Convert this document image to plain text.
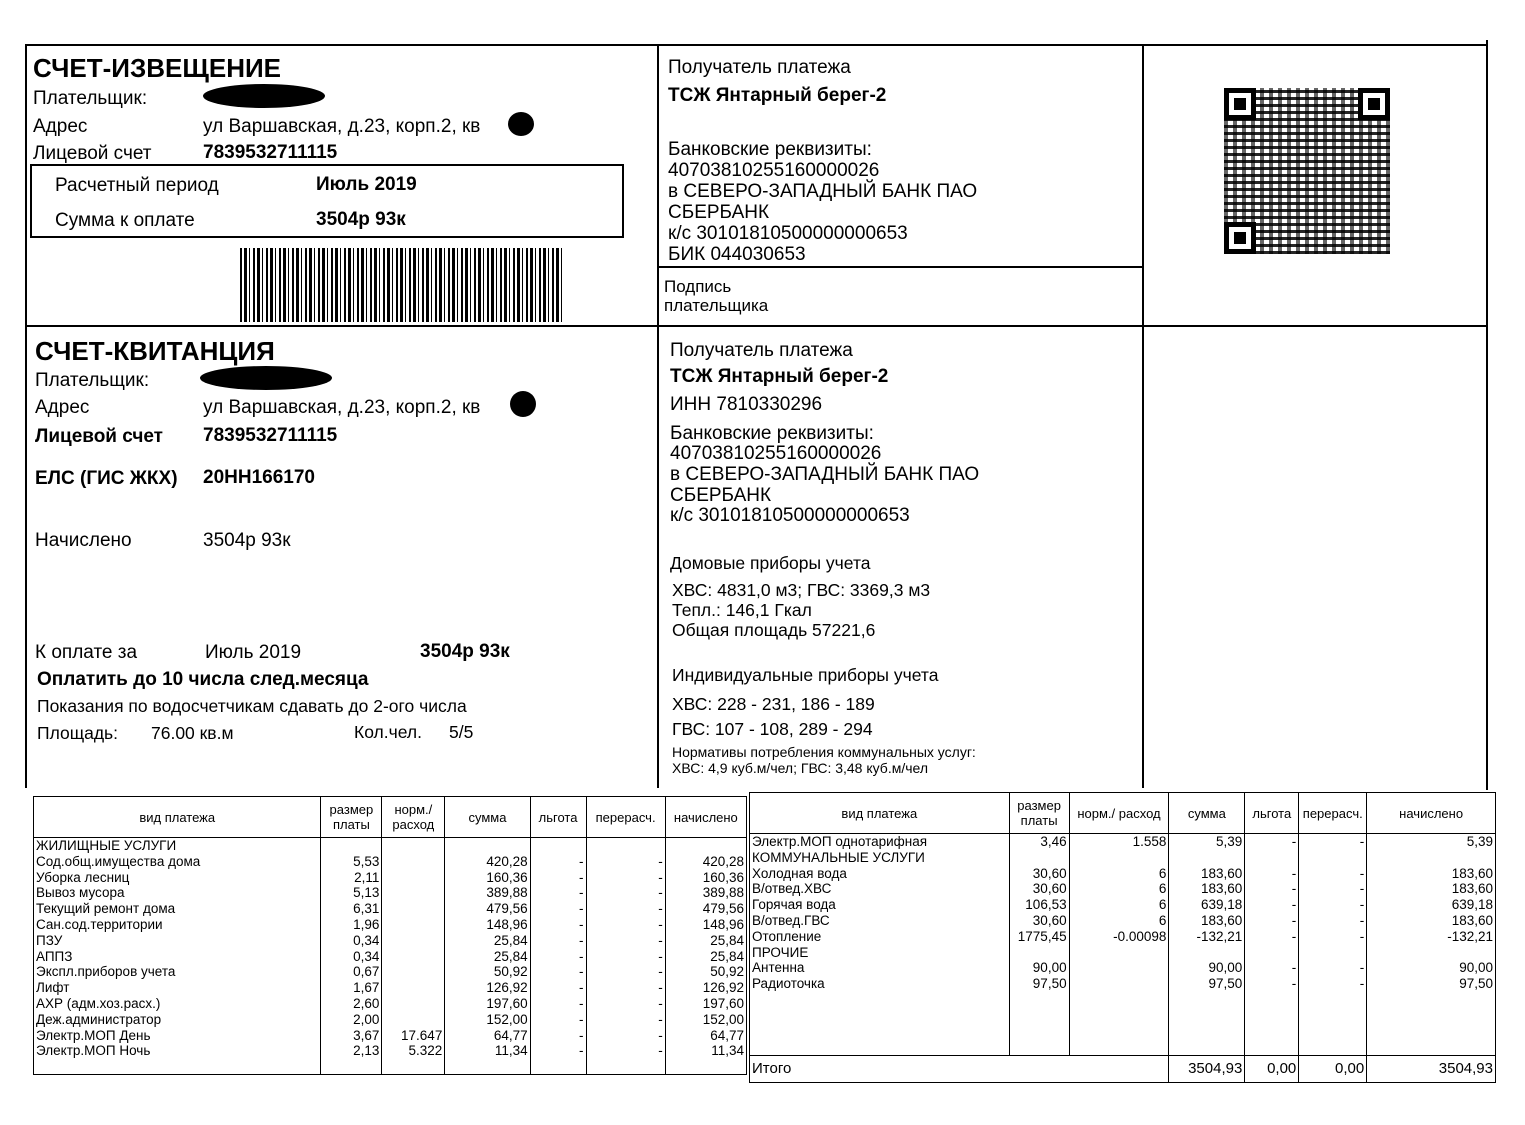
СЧЕТ-ИЗВЕЩЕНИЕ
Плательщик:
Адрес	ул Варшавская, д.23, корп.2, кв
Лицевой счет	7839532711115
Расчетный период	Июль 2019
Сумма к оплате	3504р 93к
Получатель платежа
ТСЖ Янтарный берег-2
Банковские реквизиты:
40703810255160000026
в СЕВЕРО-ЗАПАДНЫЙ БАНК ПАО
СБЕРБАНК
к/с 30101810500000000653
БИК 044030653
Подпись
плательщика
СЧЕТ-КВИТАНЦИЯ
Плательщик:
Адрес	ул Варшавская, д.23, корп.2, кв
Лицевой счет 7839532711115
ЕЛС (ГИС ЖКХ) 20НН166170
Начислено	3504р 93к
К оплате за	Июль 2019	3504р 93к
Оплатить до 10 числа след.месяца
Показания по водосчетчикам сдавать до 2-ого числа
Площадь: 76.00 кв.м	Кол.чел. 5/5
Получатель платежа
ТСЖ Янтарный берег-2
ИНН 7810330296
Банковские реквизиты:
40703810255160000026
в СЕВЕРО-ЗАПАДНЫЙ БАНК ПАО
СБЕРБАНК
к/с 30101810500000000653
Домовые приборы учета
ХВС: 4831,0 м3; ГВС: 3369,3 м3
Тепл.: 146,1 Гкал
Общая площадь 57221,6
Индивидуальные приборы учета
ХВС: 228 - 231, 186 - 189
ГВС: 107 - 108, 289 - 294
Нормативы потребления коммунальных услуг:
ХВС: 4,9 куб.м/чел; ГВС: 3,48 куб.м/чел
вид платежа	размер платы	норм./ расход	сумма	льгота	перерасч.	начислено
ЖИЛИЩНЫЕ УСЛУГИ						
Сод.общ.имущества дома	5,53		420,28	-	-	420,28
Уборка лесниц	2,11		160,36	-	-	160,36
Вывоз мусора	5,13		389,88	-	-	389,88
Текущий ремонт дома	6,31		479,56	-	-	479,56
Сан.сод.территории	1,96		148,96	-	-	148,96
ПЗУ	0,34		25,84	-	-	25,84
АППЗ	0,34		25,84	-	-	25,84
Экспл.приборов учета	0,67		50,92	-	-	50,92
Лифт	1,67		126,92	-	-	126,92
АХР (адм.хоз.расх.)	2,60		197,60	-	-	197,60
Деж.администратор	2,00		152,00	-	-	152,00
Электр.МОП День	3,67	17.647	64,77	-	-	64,77
Электр.МОП Ночь	2,13	5.322	11,34	-	-	11,34

вид платежа	размер платы	норм./ расход	сумма	льгота	перерасч.	начислено
Электр.МОП однотарифная	3,46	1.558	5,39	-	-	5,39
КОММУНАЛЬНЫЕ УСЛУГИ						
Холодная вода	30,60	6	183,60	-	-	183,60
В/отвед.ХВС	30,60	6	183,60	-	-	183,60
Горячая вода	106,53	6	639,18	-	-	639,18
В/отвед.ГВС	30,60	6	183,60	-	-	183,60
Отопление	1775,45	-0.00098	-132,21	-	-	-132,21
ПРОЧИЕ						
Антенна	90,00		90,00	-	-	90,00
Радиоточка	97,50		97,50	-	-	97,50

Итого			3504,93	0,00	0,00	3504,93
